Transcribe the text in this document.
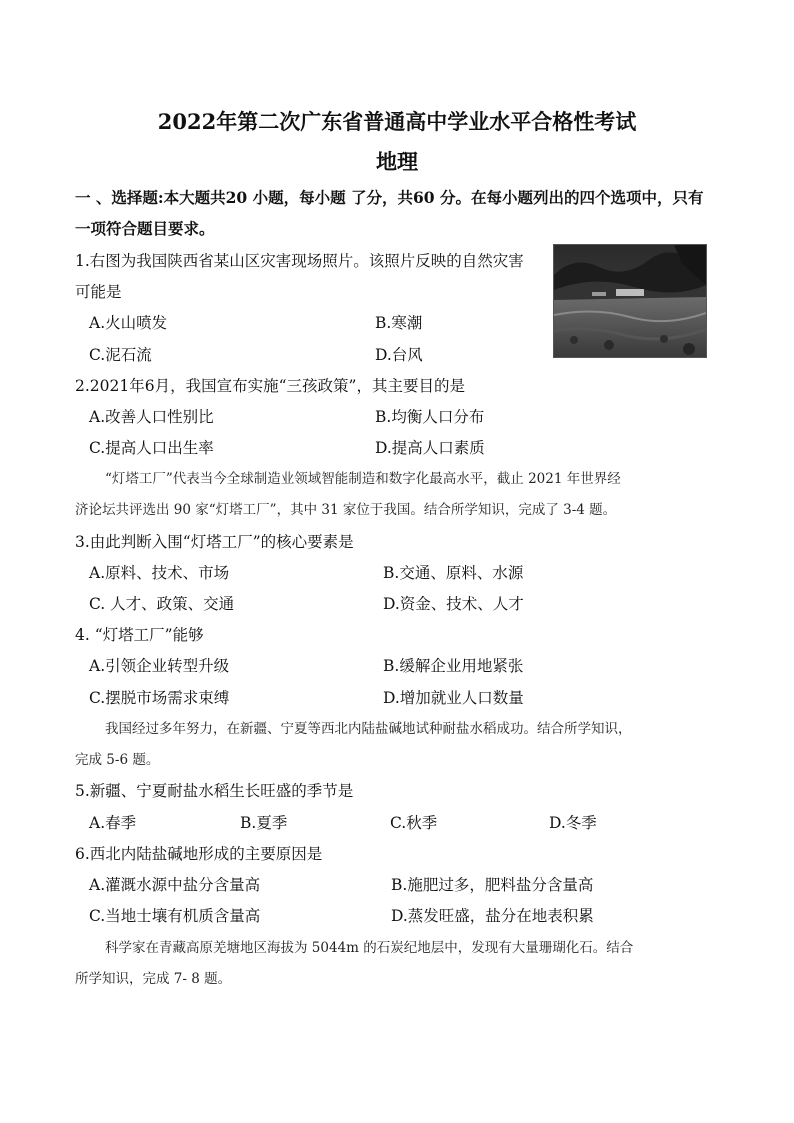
2022年第二次广东省普通高中学业水平合格性考试
地理
一 、选择题:本大题共20 小题，每小题 了分，共60 分。在每小题列出的四个选项中，只有
一项符合题目要求。
1.右图为我国陕西省某山区灾害现场照片。该照片反映的自然灾害
可能是
A.火山喷发	B.寒潮
C.泥石流	D.台风
2.2021年6月，我国宣布实施“三孩政策”，其主要目的是
A.改善人口性别比	B.均衡人口分布
C.提高人口出生率	D.提高人口素质
“灯塔工厂”代表当今全球制造业领域智能制造和数字化最高水平，截止 2021 年世界经
济论坛共评选出 90 家“灯塔工厂”，其中 31 家位于我国。结合所学知识，完成了 3-4 题。
3.由此判断入围“灯塔工厂”的核心要素是
A.原料、技术、市场	B.交通、原料、水源
C. 人才、政策、交通	D.资金、技术、人才
4. “灯塔工厂”能够
A.引领企业转型升级	B.缓解企业用地紧张
C.摆脱市场需求束缚	D.增加就业人口数量
我国经过多年努力，在新疆、宁夏等西北内陆盐碱地试种耐盐水稻成功。结合所学知识，
完成 5-6 题。
5.新疆、宁夏耐盐水稻生长旺盛的季节是
A.春季	B.夏季	C.秋季	D.冬季
6.西北内陆盐碱地形成的主要原因是
A.灌溉水源中盐分含量高	B.施肥过多，肥料盐分含量高
C.当地士壤有机质含量高	D.蒸发旺盛，盐分在地表积累
科学家在青藏高原羌塘地区海拔为 5044m 的石炭纪地层中，发现有大量珊瑚化石。结合
所学知识，完成 7- 8 题。
